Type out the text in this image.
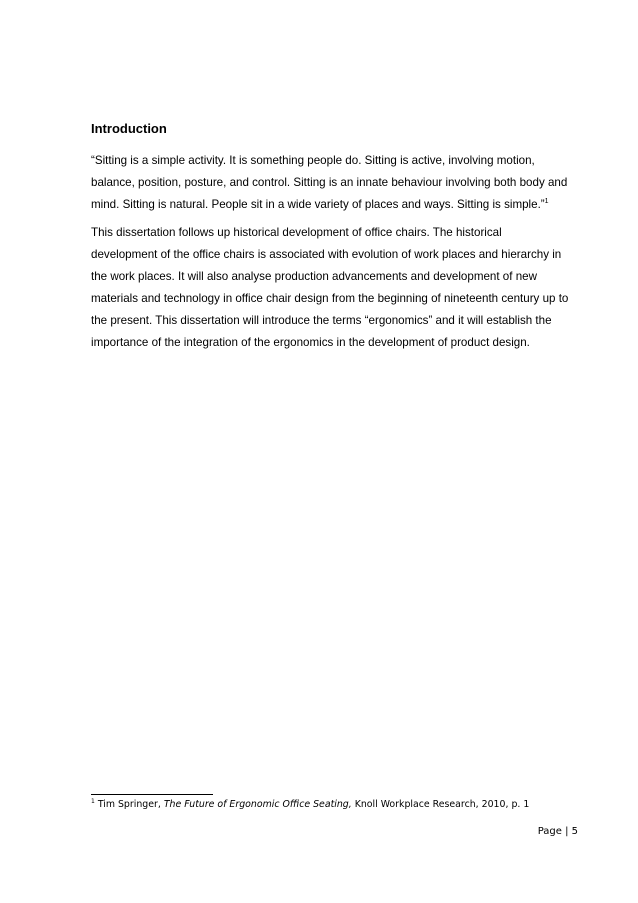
Introduction
“Sitting is a simple activity. It is something people do. Sitting is active, involving motion,
balance, position, posture, and control. Sitting is an innate behaviour involving both body and
mind. Sitting is natural. People sit in a wide variety of places and ways. Sitting is simple.”$^1$
This dissertation follows up historical development of office chairs. The historical
development of the office chairs is associated with evolution of work places and hierarchy in
the work places. It will also analyse production advancements and development of new
materials and technology in office chair design from the beginning of nineteenth century up to
the present. This dissertation will introduce the terms “ergonomics” and it will establish the
importance of the integration of the ergonomics in the development of product design.
$^1$ Tim Springer, The Future of Ergonomic Office Seating, Knoll Workplace Research, 2010, p. 1
Page | 5
